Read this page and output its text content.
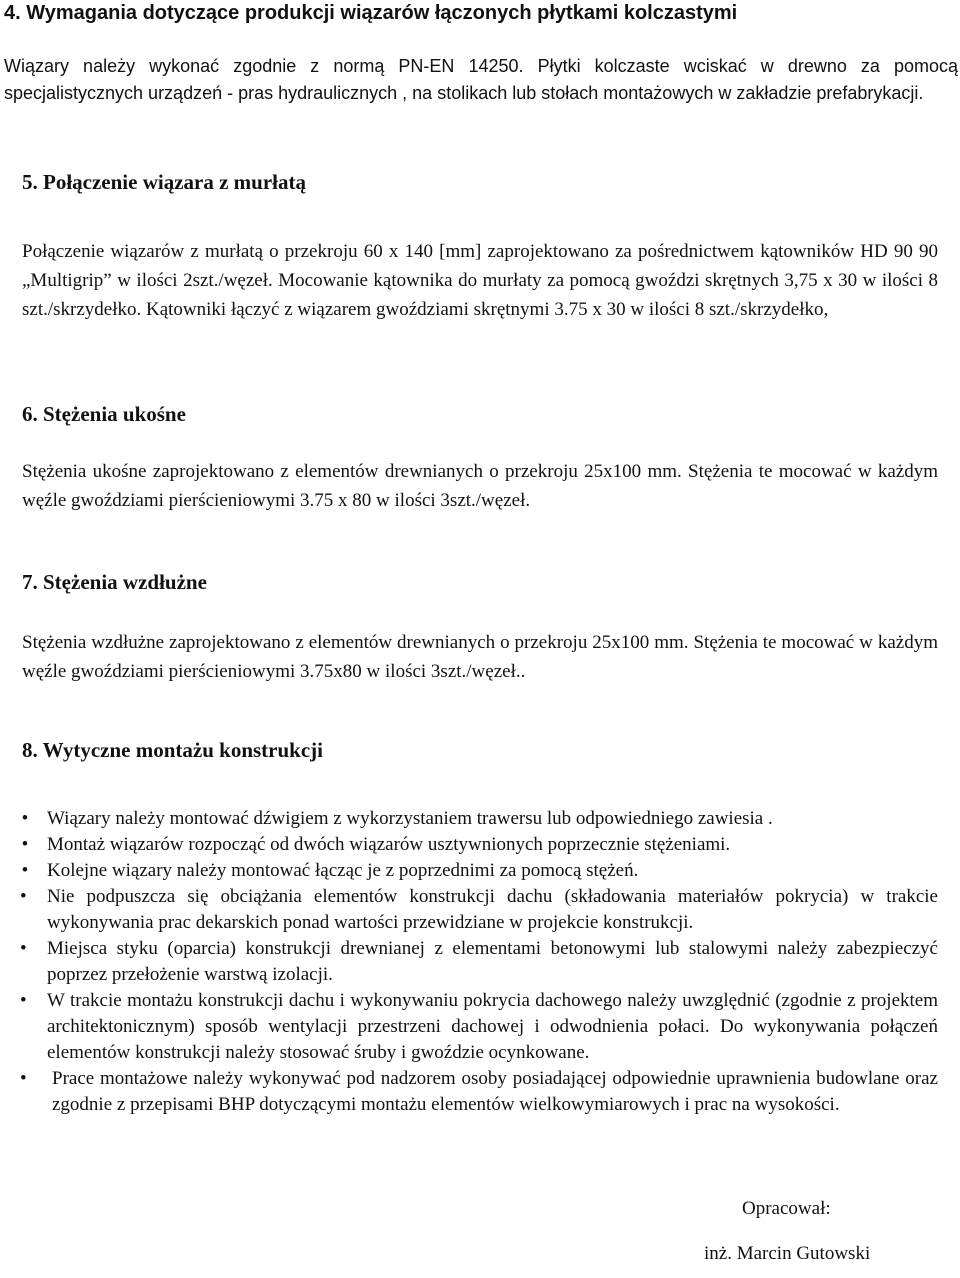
4. Wymagania dotyczące produkcji wiązarów łączonych płytkami kolczastymi

Wiązary należy wykonać zgodnie z normą PN-EN 14250. Płytki kolczaste wciskać w drewno za pomocą specjalistycznych urządzeń - pras hydraulicznych , na stolikach lub stołach montażowych w zakładzie prefabrykacji.

5. Połączenie wiązara z murłatą

Połączenie wiązarów z murłatą o przekroju 60 x 140 [mm] zaprojektowano za pośrednictwem kątowników HD 90 90 „Multigrip” w ilości 2szt./węzeł. Mocowanie kątownika do murłaty za pomocą gwoździ skrętnych 3,75 x 30 w ilości 8 szt./skrzydełko. Kątowniki łączyć z wiązarem gwoździami skrętnymi 3.75 x 30 w ilości 8 szt./skrzydełko,

6. Stężenia ukośne

Stężenia ukośne zaprojektowano z elementów drewnianych o przekroju 25x100 mm. Stężenia te mocować w każdym węźle gwoździami pierścieniowymi 3.75 x 80 w ilości 3szt./węzeł.

7. Stężenia wzdłużne

Stężenia wzdłużne zaprojektowano z elementów drewnianych o przekroju 25x100 mm. Stężenia te mocować w każdym węźle gwoździami pierścieniowymi 3.75x80 w ilości 3szt./węzeł..

8. Wytyczne montażu konstrukcji
• Wiązary należy montować dźwigiem z wykorzystaniem trawersu lub odpowiedniego zawiesia .
• Montaż wiązarów rozpocząć od dwóch wiązarów usztywnionych poprzecznie stężeniami.
• Kolejne wiązary należy montować łącząc je z poprzednimi za pomocą stężeń.
• Nie podpuszcza się obciążania elementów konstrukcji dachu (składowania materiałów pokrycia) w trakcie wykonywania prac dekarskich ponad wartości przewidziane w projekcie konstrukcji.
• Miejsca styku (oparcia) konstrukcji drewnianej z elementami betonowymi lub stalowymi należy zabezpieczyć poprzez przełożenie warstwą izolacji.
• W trakcie montażu konstrukcji dachu i wykonywaniu pokrycia dachowego należy uwzględnić (zgodnie z projektem architektonicznym) sposób wentylacji przestrzeni dachowej i odwodnienia połaci. Do wykonywania połączeń elementów konstrukcji należy stosować śruby i gwoździe ocynkowane.
• Prace montażowe należy wykonywać pod nadzorem osoby posiadającej odpowiednie uprawnienia budowlane oraz zgodnie z przepisami BHP dotyczącymi montażu elementów wielkowymiarowych i prac na wysokości.
Opracował:
inż. Marcin Gutowski
